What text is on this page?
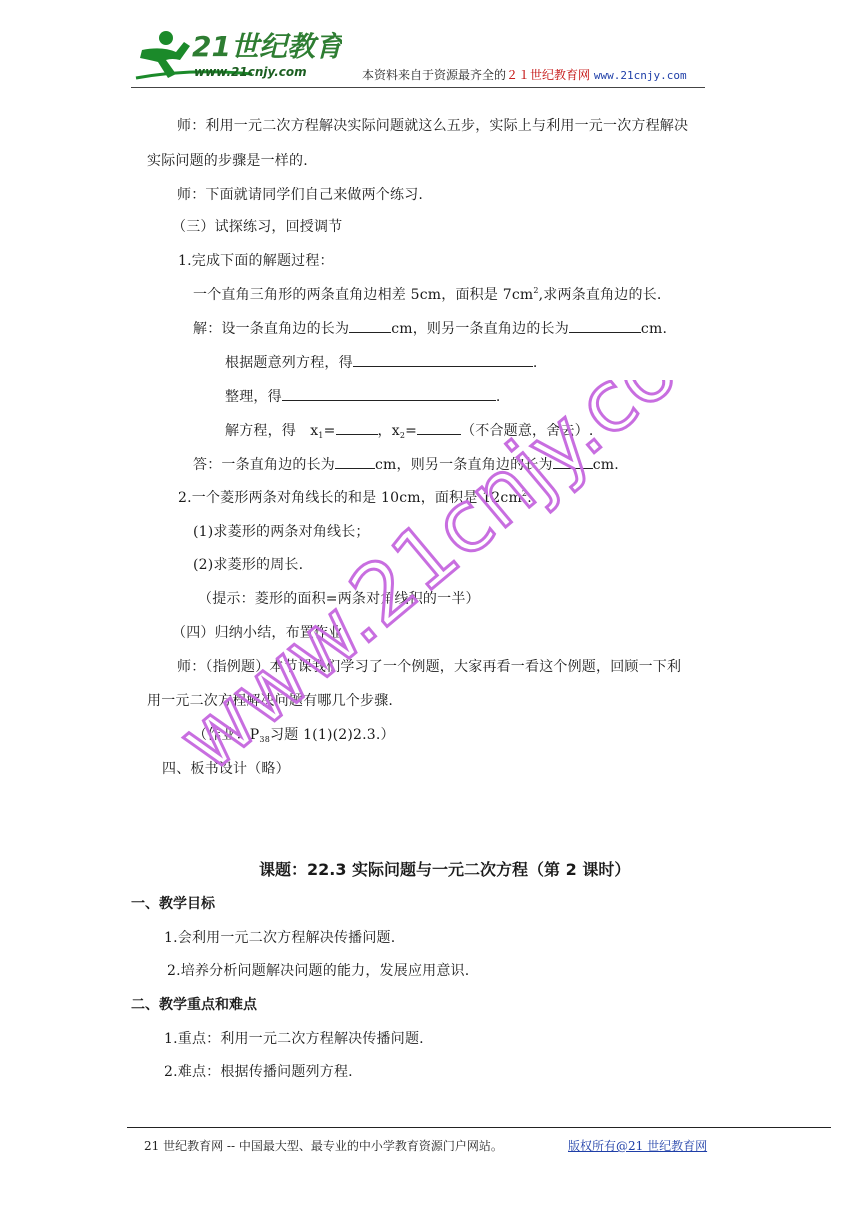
21世纪教育
www.21cnjy.com	本资料来自于资源最齐全的２１世纪教育网 www.21cnjy.com
师：利用一元二次方程解决实际问题就这么五步，实际上与利用一元一次方程解决
实际问题的步骤是一样的.
师：下面就请同学们自己来做两个练习.
（三）试探练习，回授调节
1.完成下面的解题过程：
一个直角三角形的两条直角边相差 5cm，面积是 $7cm^2$,求两条直角边的长.
解：设一条直角边的长为	cm，则另一条直角边的长为	cm.
根据题意列方程，得	.
整理，得	.
解方程，得　$x_1=$	，$x_2=$	（不合题意，舍去）.
答：一条直角边的长为	cm，则另一条直角边的长为	cm.
2.一个菱形两条对角线长的和是 10cm，面积是 $12cm^2$.
(1)求菱形的两条对角线长；
(2)求菱形的周长.
（提示：菱形的面积=两条对角线积的一半）
（四）归纳小结，布置作业
师：（指例题）本节课我们学习了一个例题，大家再看一看这个例题，回顾一下利
用一元二次方程解决问题有哪几个步骤.
（作业：$P_{38}$习题 1(1)(2)2.3.）
四、板书设计（略）
课题：22.3 实际问题与一元二次方程（第 2 课时）
一、教学目标
1.会利用一元二次方程解决传播问题.
2.培养分析问题解决问题的能力，发展应用意识.
二、教学重点和难点
1.重点：利用一元二次方程解决传播问题.
2.难点：根据传播问题列方程.
www.21cnjy.com
21 世纪教育网 -- 中国最大型、最专业的中小学教育资源门户网站。	版权所有@21 世纪教育网
